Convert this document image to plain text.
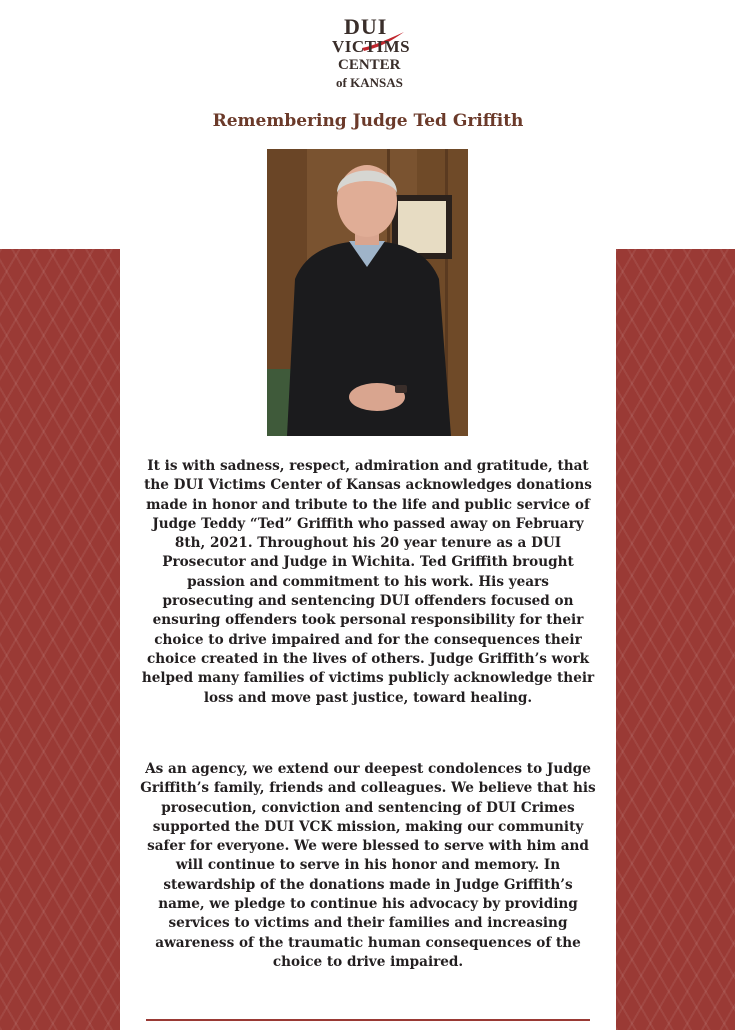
DUI
VICTIMS
CENTER
of KANSAS
Remembering Judge Ted Griffith

It is with sadness, respect, admiration and gratitude, that the DUI Victims Center of Kansas acknowledges donations made in honor and tribute to the life and public service of Judge Teddy “Ted” Griffith who passed away on February 8th, 2021. Throughout his 20 year tenure as a DUI Prosecutor and Judge in Wichita. Ted Griffith brought passion and commitment to his work. His years prosecuting and sentencing DUI offenders focused on ensuring offenders took personal responsibility for their choice to drive impaired and for the consequences their choice created in the lives of others. Judge Griffith’s work helped many families of victims publicly acknowledge their loss and move past justice, toward healing.

As an agency, we extend our deepest condolences to Judge Griffith’s family, friends and colleagues. We believe that his prosecution, conviction and sentencing of DUI Crimes supported the DUI VCK mission, making our community safer for everyone. We were blessed to serve with him and will continue to serve in his honor and memory. In stewardship of the donations made in Judge Griffith’s name, we pledge to continue his advocacy by providing services to victims and their families and increasing awareness of the traumatic human consequences of the choice to drive impaired.
